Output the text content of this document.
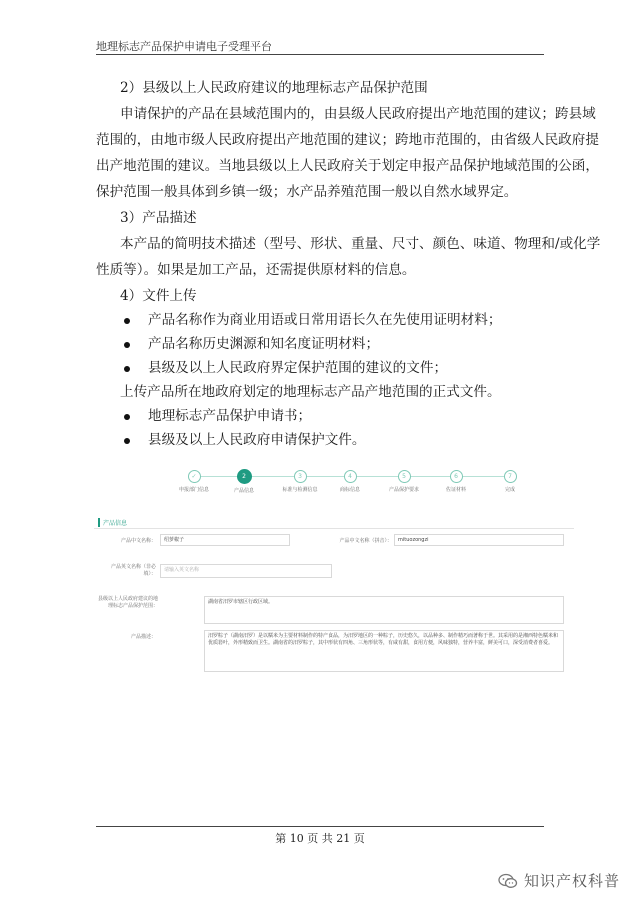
地理标志产品保护申请电子受理平台
2）县级以上人民政府建议的地理标志产品保护范围
申请保护的产品在县域范围内的，由县级人民政府提出产地范围的建议；跨县域
范围的，由地市级人民政府提出产地范围的建议；跨地市范围的，由省级人民政府提
出产地范围的建议。当地县级以上人民政府关于划定申报产品保护地域范围的公函，
保护范围一般具体到乡镇一级；水产品养殖范围一般以自然水域界定。
3）产品描述
本产品的简明技术描述（型号、形状、重量、尺寸、颜色、味道、物理和/或化学
性质等）。如果是加工产品，还需提供原材料的信息。
4）文件上传
产品名称作为商业用语或日常用语长久在先使用证明材料；
产品名称历史渊源和知名度证明材料；
县级及以上人民政府界定保护范围的建议的文件；
上传产品所在地政府划定的地理标志产品产地范围的正式文件。
地理标志产品保护申请书；
县级及以上人民政府申请保护文件。
✓
申报部门信息
2
产品信息
3
标准与检测信息
4
商标信息
5
产品保护要求
6
佐证材料
7
完成
产品信息
产品中文名称：	绍萝椒子	产品中文名称（拼音）：	mituozongzi
产品英文名称（非必填）：
请输入英文名称
县级以上人民政府建议的地理标志产品保护范围：
湖南省汨罗市辖区行政区域。
产品描述：	汨罗粽子（湖南汨罗）是以糯米为主要材料制作的特产食品，为汨罗地区的一种粽子，历史悠久，以品种多、制作精巧而著称于世。其采用的是湘西特色糯米和优质箬叶，外形精致而卫生。湖南省的汨罗粽子，其中形状有四角、三角形状等，有咸有甜，食用方便，风味独特，营养丰富，鲜美可口，深受消费者喜爱。
第 10 页 共 21 页
知识产权科普
